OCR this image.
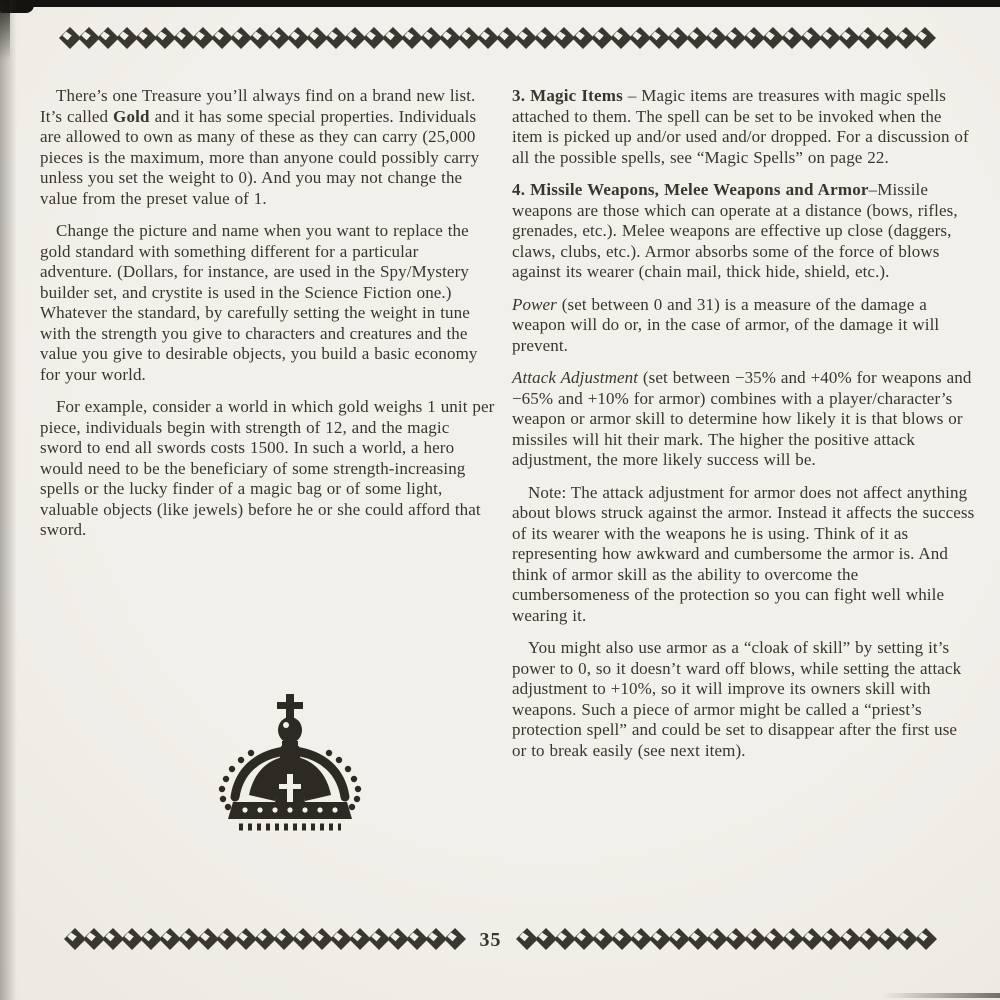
There’s one Treasure you’ll always find on a brand new list. It’s called Gold and it has some special properties. Individuals are allowed to own as many of these as they can carry (25,000 pieces is the maximum, more than anyone could possibly carry unless you set the weight to 0). And you may not change the value from the preset value of 1.

Change the picture and name when you want to replace the gold standard with something different for a particular adventure. (Dollars, for instance, are used in the Spy/Mystery builder set, and crystite is used in the Science Fiction one.) Whatever the standard, by carefully setting the weight in tune with the strength you give to characters and creatures and the value you give to desirable objects, you build a basic economy for your world.

For example, consider a world in which gold weighs 1 unit per piece, individuals begin with strength of 12, and the magic sword to end all swords costs 1500. In such a world, a hero would need to be the beneficiary of some strength-increasing spells or the lucky finder of a magic bag or of some light, valuable objects (like jewels) before he or she could afford that sword.

3. Magic Items – Magic items are treasures with magic spells attached to them. The spell can be set to be invoked when the item is picked up and/or used and/or dropped. For a discussion of all the possible spells, see “Magic Spells” on page 22.

4. Missile Weapons, Melee Weapons and Armor–Missile weapons are those which can operate at a distance (bows, rifles, grenades, etc.). Melee weapons are effective up close (daggers, claws, clubs, etc.). Armor absorbs some of the force of blows against its wearer (chain mail, thick hide, shield, etc.).

Power (set between 0 and 31) is a measure of the damage a weapon will do or, in the case of armor, of the damage it will prevent.

Attack Adjustment (set between −35% and +40% for weapons and −65% and +10% for armor) combines with a player/character’s weapon or armor skill to determine how likely it is that blows or missiles will hit their mark. The higher the positive attack adjustment, the more likely success will be.

Note: The attack adjustment for armor does not affect anything about blows struck against the armor. Instead it affects the success of its wearer with the weapons he is using. Think of it as representing how awkward and cumbersome the armor is. And think of armor skill as the ability to overcome the cumbersomeness of the protection so you can fight well while wearing it.

You might also use armor as a “cloak of skill” by setting it’s power to 0, so it doesn’t ward off blows, while setting the attack adjustment to +10%, so it will improve its owners skill with weapons. Such a piece of armor might be called a “priest’s protection spell” and could be set to disappear after the first use or to break easily (see next item).

35
